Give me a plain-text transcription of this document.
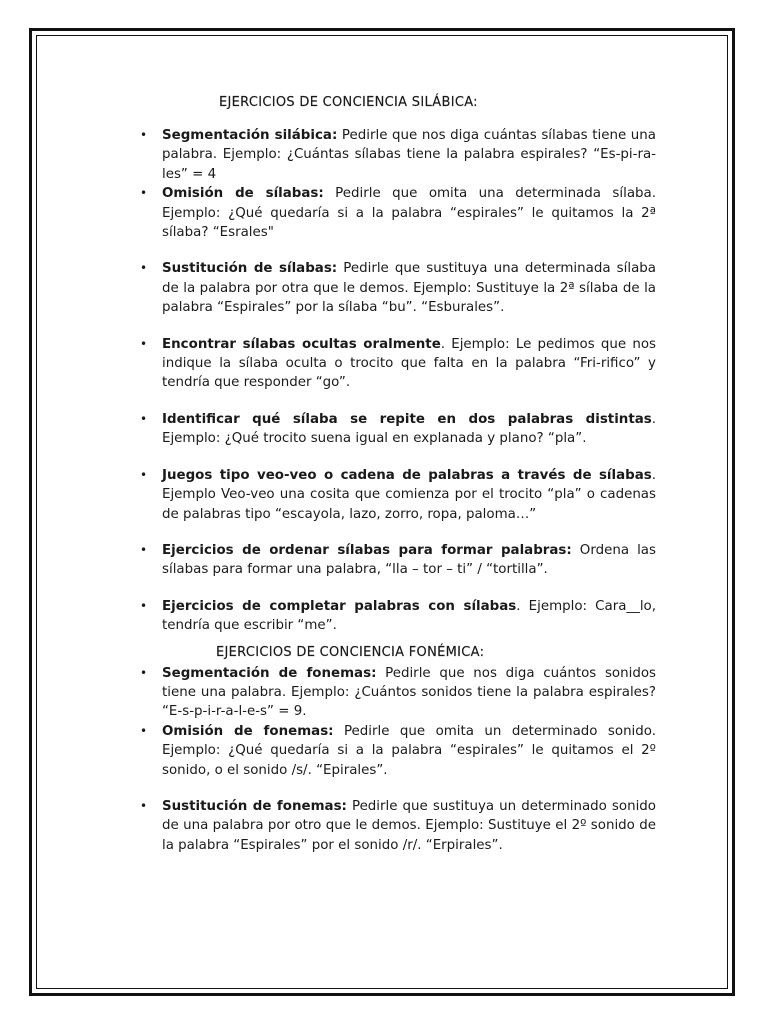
EJERCICIOS DE CONCIENCIA SILÁBICA:
• Segmentación silábica: Pedirle que nos diga cuántas sílabas tiene una palabra. Ejemplo: ¿Cuántas sílabas tiene la palabra espirales? “Es-pi-ra-les” = 4
• Omisión de sílabas: Pedirle que omita una determinada sílaba. Ejemplo: ¿Qué quedaría si a la palabra “espirales” le quitamos la 2ª sílaba? “Esrales"
• Sustitución de sílabas: Pedirle que sustituya una determinada sílaba de la palabra por otra que le demos. Ejemplo: Sustituye la 2ª sílaba de la palabra “Espirales” por la sílaba “bu”. “Esburales”.
• Encontrar sílabas ocultas oralmente. Ejemplo: Le pedimos que nos indique la sílaba oculta o trocito que falta en la palabra “Fri-rifico” y tendría que responder “go”.
• Identificar qué sílaba se repite en dos palabras distintas. Ejemplo: ¿Qué trocito suena igual en explanada y plano? “pla”.
• Juegos tipo veo-veo o cadena de palabras a través de sílabas. Ejemplo Veo-veo una cosita que comienza por el trocito “pla” o cadenas de palabras tipo “escayola, lazo, zorro, ropa, paloma…”
• Ejercicios de ordenar sílabas para formar palabras: Ordena las sílabas para formar una palabra, “lla – tor – ti” / “tortilla”.
• Ejercicios de completar palabras con sílabas. Ejemplo: Cara__lo, tendría que escribir “me”.
EJERCICIOS DE CONCIENCIA FONÉMICA:
• Segmentación de fonemas: Pedirle que nos diga cuántos sonidos tiene una palabra. Ejemplo: ¿Cuántos sonidos tiene la palabra espirales? “E-s-p-i-r-a-l-e-s” = 9.
• Omisión de fonemas: Pedirle que omita un determinado sonido. Ejemplo: ¿Qué quedaría si a la palabra “espirales” le quitamos el 2º sonido, o el sonido /s/. “Epirales”.
• Sustitución de fonemas: Pedirle que sustituya un determinado sonido de una palabra por otro que le demos. Ejemplo: Sustituye el 2º sonido de la palabra “Espirales” por el sonido /r/. “Erpirales”.
